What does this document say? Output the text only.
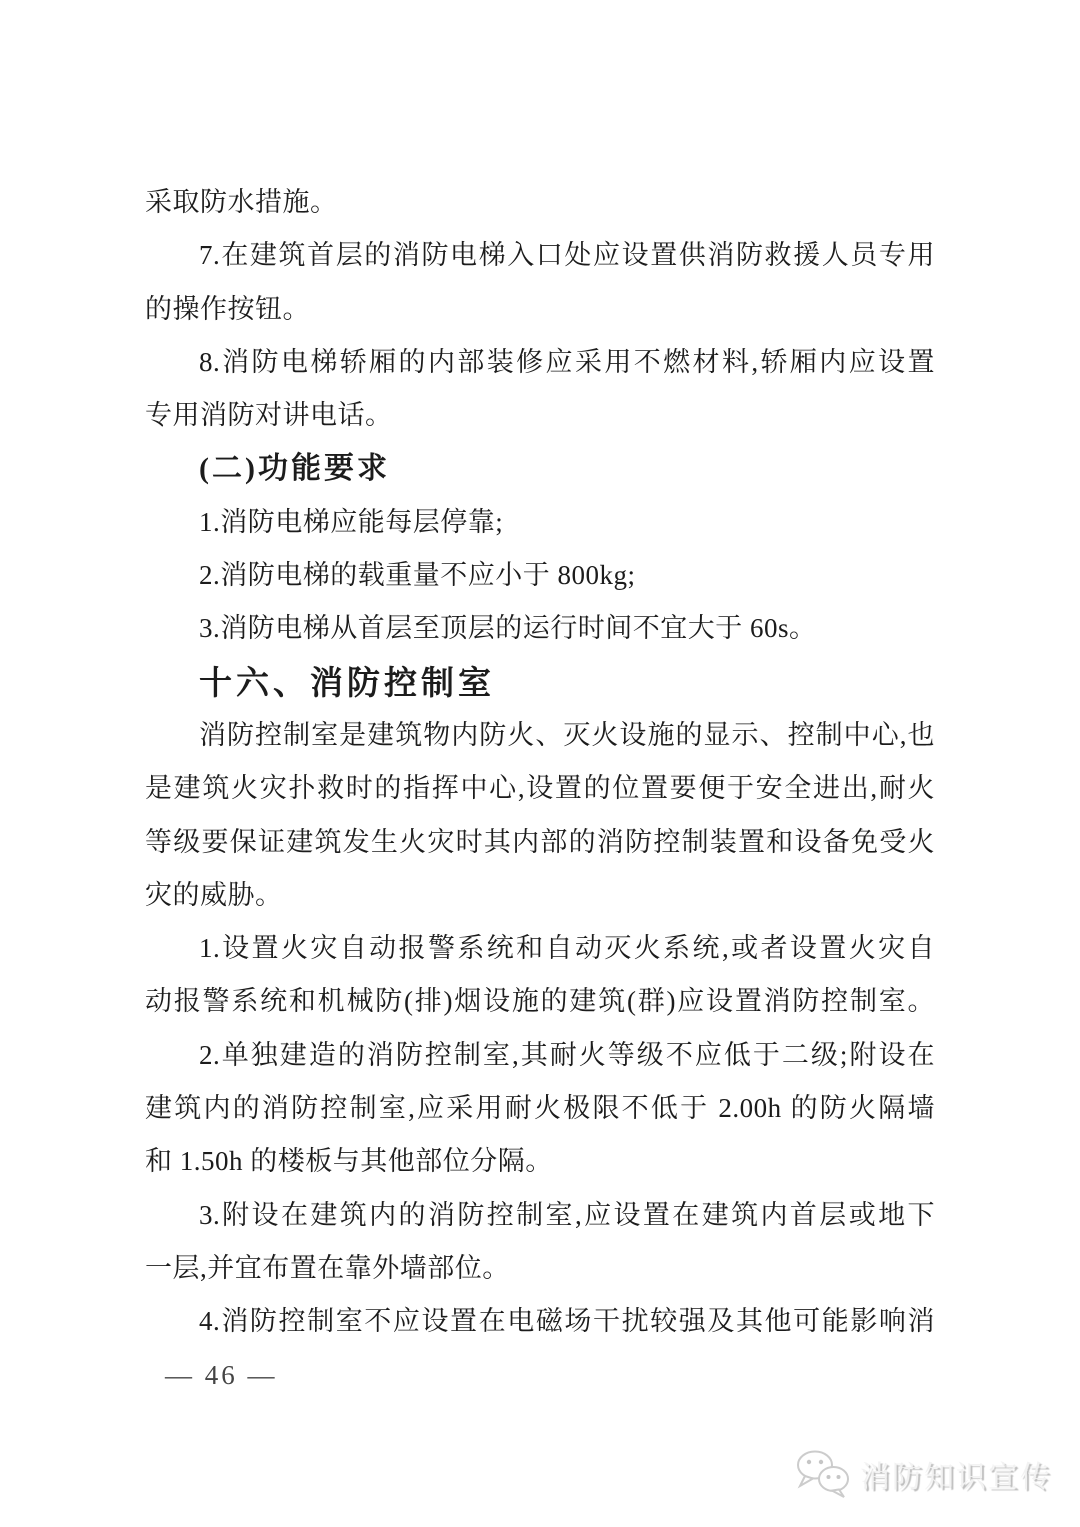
采取防水措施。
7.在建筑首层的消防电梯入口处应设置供消防救援人员专用
的操作按钮。
8.消防电梯轿厢的内部装修应采用不燃材料,轿厢内应设置
专用消防对讲电话。
(二)功能要求
1.消防电梯应能每层停靠;
2.消防电梯的载重量不应小于 800kg;
3.消防电梯从首层至顶层的运行时间不宜大于 60s。
十六、消防控制室
消防控制室是建筑物内防火、灭火设施的显示、控制中心,也
是建筑火灾扑救时的指挥中心,设置的位置要便于安全进出,耐火
等级要保证建筑发生火灾时其内部的消防控制装置和设备免受火
灾的威胁。
1.设置火灾自动报警系统和自动灭火系统,或者设置火灾自
动报警系统和机械防(排)烟设施的建筑(群)应设置消防控制室。
2.单独建造的消防控制室,其耐火等级不应低于二级;附设在
建筑内的消防控制室,应采用耐火极限不低于 2.00h 的防火隔墙
和 1.50h 的楼板与其他部位分隔。
3.附设在建筑内的消防控制室,应设置在建筑内首层或地下
一层,并宜布置在靠外墙部位。
4.消防控制室不应设置在电磁场干扰较强及其他可能影响消
— 46 —
消防知识宣传
